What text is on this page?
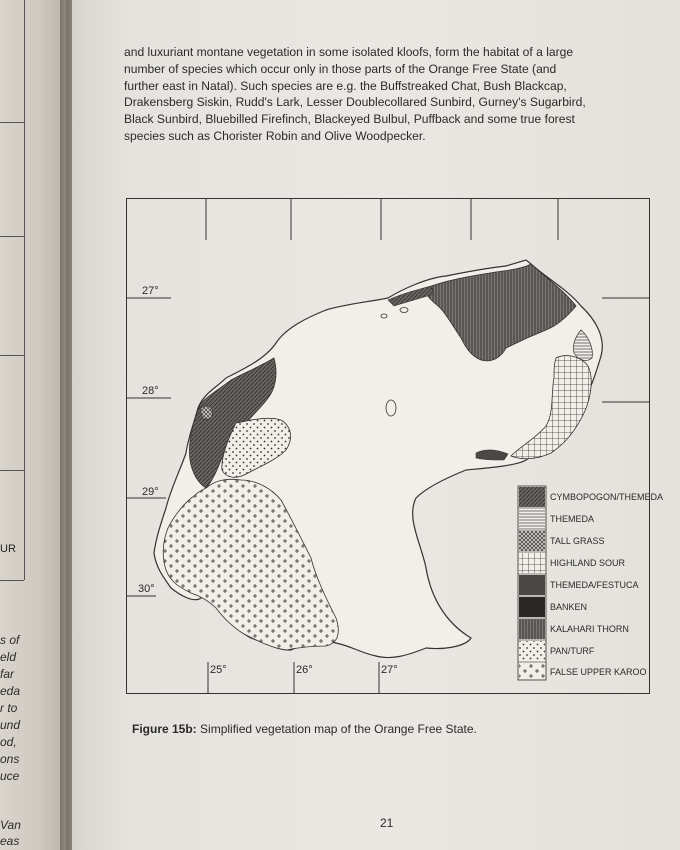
UR
s of
eld
far
eda
r to
und
od,
ons
uce
Van
eas
and luxuriant montane vegetation in some isolated kloofs, form the habitat of a large
number of species which occur only in those parts of the Orange Free State (and
further east in Natal). Such species are e.g. the Buffstreaked Chat, Bush Blackcap,
Drakensberg Siskin, Rudd's Lark, Lesser Doublecollared Sunbird, Gurney's Sugarbird,
Black Sunbird, Bluebilled Firefinch, Blackeyed Bulbul, Puffback and some true forest
species such as Chorister Robin and Olive Woodpecker.
27°
28°
29°
30°
25°	26°	27°
CYMBOPOGON/THEMEDA
THEMEDA
TALL GRASS
HIGHLAND SOUR
THEMEDA/FESTUCA
BANKEN
KALAHARI THORN
PAN/TURF
FALSE UPPER KAROO
Figure 15b: Simplified vegetation map of the Orange Free State.
21
